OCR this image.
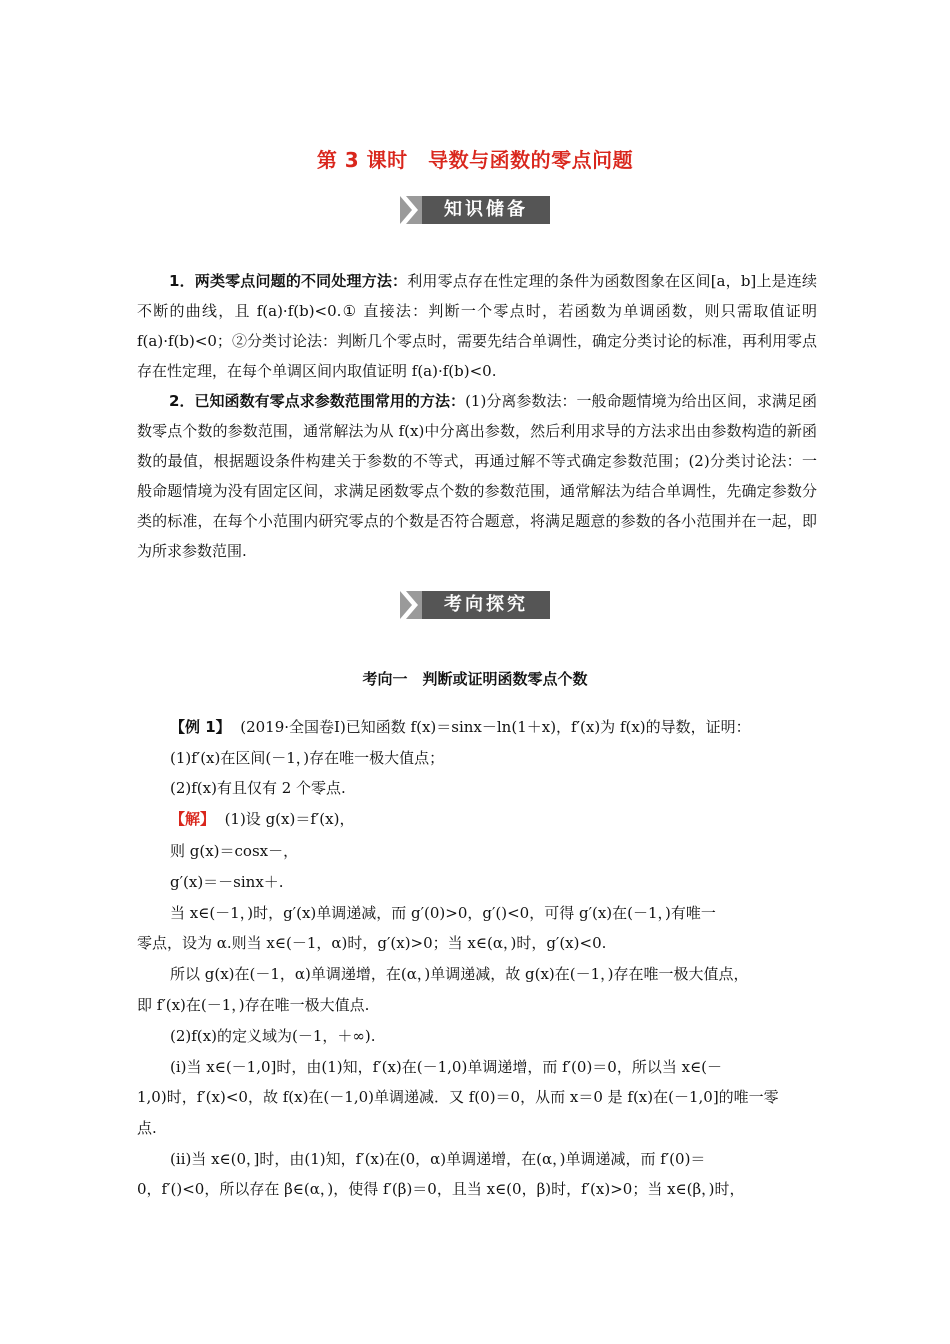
第 3 课时　导数与函数的零点问题
知识储备

1．两类零点问题的不同处理方法：利用零点存在性定理的条件为函数图象在区间[a，b]上是连续不断的曲线，且 f(a)·f(b)<0.① 直接法：判断一个零点时，若函数为单调函数，则只需取值证明 f(a)·f(b)<0；②分类讨论法：判断几个零点时，需要先结合单调性，确定分类讨论的标准，再利用零点存在性定理，在每个单调区间内取值证明 f(a)·f(b)<0.

2．已知函数有零点求参数范围常用的方法：(1)分离参数法：一般命题情境为给出区间，求满足函数零点个数的参数范围，通常解法为从 f(x)中分离出参数，然后利用求导的方法求出由参数构造的新函数的最值，根据题设条件构建关于参数的不等式，再通过解不等式确定参数范围；(2)分类讨论法：一般命题情境为没有固定区间，求满足函数零点个数的参数范围，通常解法为结合单调性，先确定参数分类的标准，在每个小范围内研究零点的个数是否符合题意，将满足题意的参数的各小范围并在一起，即为所求参数范围.

考向探究
考向一　判断或证明函数零点个数
【例 1】 (2019·全国卷Ⅰ)已知函数 f(x)＝sinx－ln(1＋x)，f′(x)为 f(x)的导数，证明：
(1)f′(x)在区间(－1，)存在唯一极大值点；
(2)f(x)有且仅有 2 个零点.
【解】 (1)设 g(x)＝f′(x)，
则 g(x)＝cosx－，
g′(x)＝－sinx＋.
当 x∈(－1，)时，g′(x)单调递减，而 g′(0)>0，g′()<0，可得 g′(x)在(－1，)有唯一
零点，设为 α.则当 x∈(－1，α)时，g′(x)>0；当 x∈(α，)时，g′(x)<0.
所以 g(x)在(－1，α)单调递增，在(α，)单调递减，故 g(x)在(－1，)存在唯一极大值点，
即 f′(x)在(－1，)存在唯一极大值点.
(2)f(x)的定义域为(－1，＋∞).
(ⅰ)当 x∈(－1,0]时，由(1)知，f′(x)在(－1,0)单调递增，而 f′(0)＝0，所以当 x∈(－
1,0)时，f′(x)<0，故 f(x)在(－1,0)单调递减．又 f(0)＝0，从而 x＝0 是 f(x)在(－1,0]的唯一零
点.
(ⅱ)当 x∈(0，]时，由(1)知，f′(x)在(0，α)单调递增，在(α，)单调递减，而 f′(0)＝
0，f′()<0，所以存在 β∈(α，)，使得 f′(β)＝0，且当 x∈(0，β)时，f′(x)>0；当 x∈(β，)时，
